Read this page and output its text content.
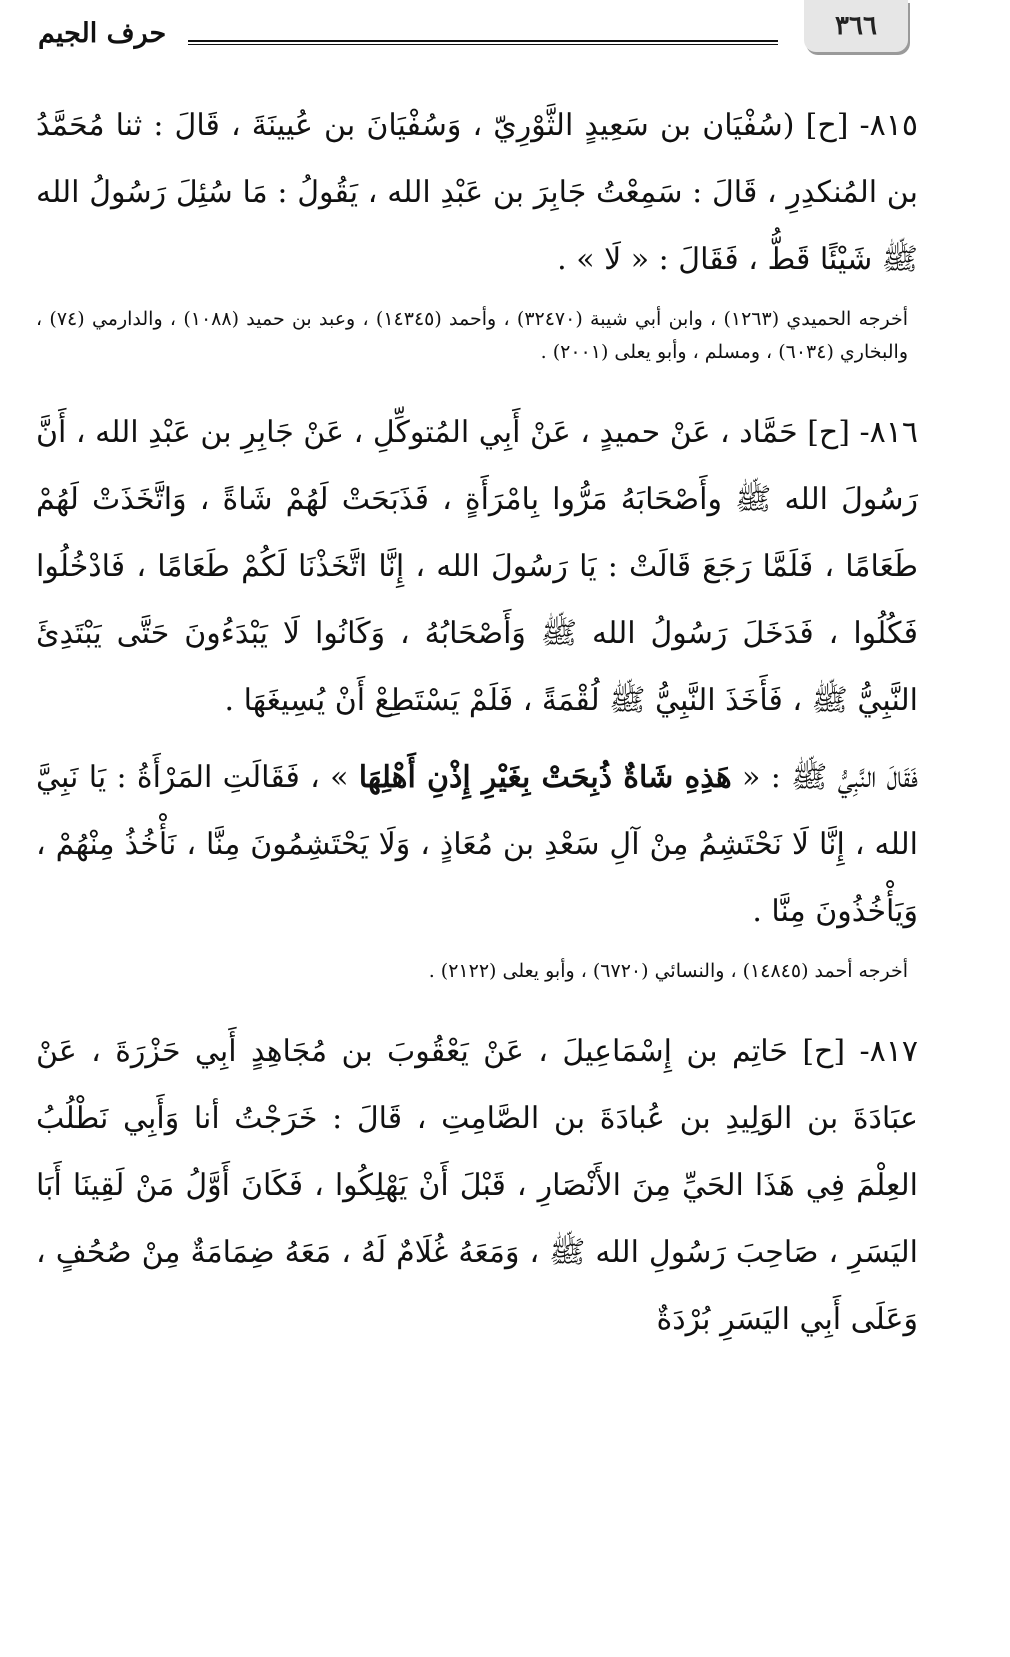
٣٦٦
حرف الجيم

٨١٥- [ح] (سُفْيَان بن سَعِيدٍ الثَّوْرِيّ ، وَسُفْيَانَ بن عُيينَةَ ، قَالَ : ثنا مُحَمَّدُ بن المُنكدِرِ ، قَالَ : سَمِعْتُ جَابِرَ بن عَبْدِ الله ، يَقُولُ : مَا سُئِلَ رَسُولُ الله ﷺ شَيْئًا قَطُّ ، فَقَالَ : « لَا » .

أخرجه الحميدي (١٢٦٣) ، وابن أبي شيبة (٣٢٤٧٠) ، وأحمد (١٤٣٤٥) ، وعبد بن حميد (١٠٨٨) ، والدارمي (٧٤) ، والبخاري (٦٠٣٤) ، ومسلم ، وأبو يعلى (٢٠٠١) .

٨١٦- [ح] حَمَّاد ، عَنْ حميدٍ ، عَنْ أَبِي المُتوكِّلِ ، عَنْ جَابِرِ بن عَبْدِ الله ، أَنَّ رَسُولَ الله ﷺ وأَصْحَابَهُ مَرُّوا بِامْرَأَةٍ ، فَذَبَحَتْ لَهُمْ شَاةً ، وَاتَّخَذَتْ لَهُمْ طَعَامًا ، فَلَمَّا رَجَعَ قَالَتْ : يَا رَسُولَ الله ، إِنَّا اتَّخَذْنَا لَكُمْ طَعَامًا ، فَادْخُلُوا فَكُلُوا ، فَدَخَلَ رَسُولُ الله ﷺ وَأَصْحَابُهُ ، وَكَانُوا لَا يَبْدَءُونَ حَتَّى يَبْتَدِئَ النَّبِيُّ ﷺ ، فَأَخَذَ النَّبِيُّ ﷺ لُقْمَةً ، فَلَمْ يَسْتَطِعْ أَنْ يُسِيغَهَا .

فَقَالَ النَّبِيُّ ﷺ : « هَذِهِ شَاةٌ ذُبِحَتْ بِغَيْرِ إِذْنِ أَهْلِهَا » ، فَقَالَتِ المَرْأَةُ : يَا نَبِيَّ الله ، إِنَّا لَا نَحْتَشِمُ مِنْ آلِ سَعْدِ بن مُعَاذٍ ، وَلَا يَحْتَشِمُونَ مِنَّا ، نَأْخُذُ مِنْهُمْ ، وَيَأْخُذُونَ مِنَّا .

أخرجه أحمد (١٤٨٤٥) ، والنسائي (٦٧٢٠) ، وأبو يعلى (٢١٢٢) .

٨١٧- [ح] حَاتِم بن إِسْمَاعِيلَ ، عَنْ يَعْقُوبَ بن مُجَاهِدٍ أَبِي حَزْرَةَ ، عَنْ عبَادَةَ بن الوَلِيدِ بن عُبادَةَ بن الصَّامِتِ ، قَالَ : خَرَجْتُ أنا وَأَبِي نَطْلُبُ العِلْمَ فِي هَذَا الحَيِّ مِنَ الأَنْصَارِ ، قَبْلَ أَنْ يَهْلِكُوا ، فَكَانَ أَوَّلُ مَنْ لَقِينَا أَبَا اليَسَرِ ، صَاحِبَ رَسُولِ الله ﷺ ، وَمَعَهُ غُلَامٌ لَهُ ، مَعَهُ ضِمَامَةٌ مِنْ صُحُفٍ ، وَعَلَى أَبِي اليَسَرِ بُرْدَةٌ
